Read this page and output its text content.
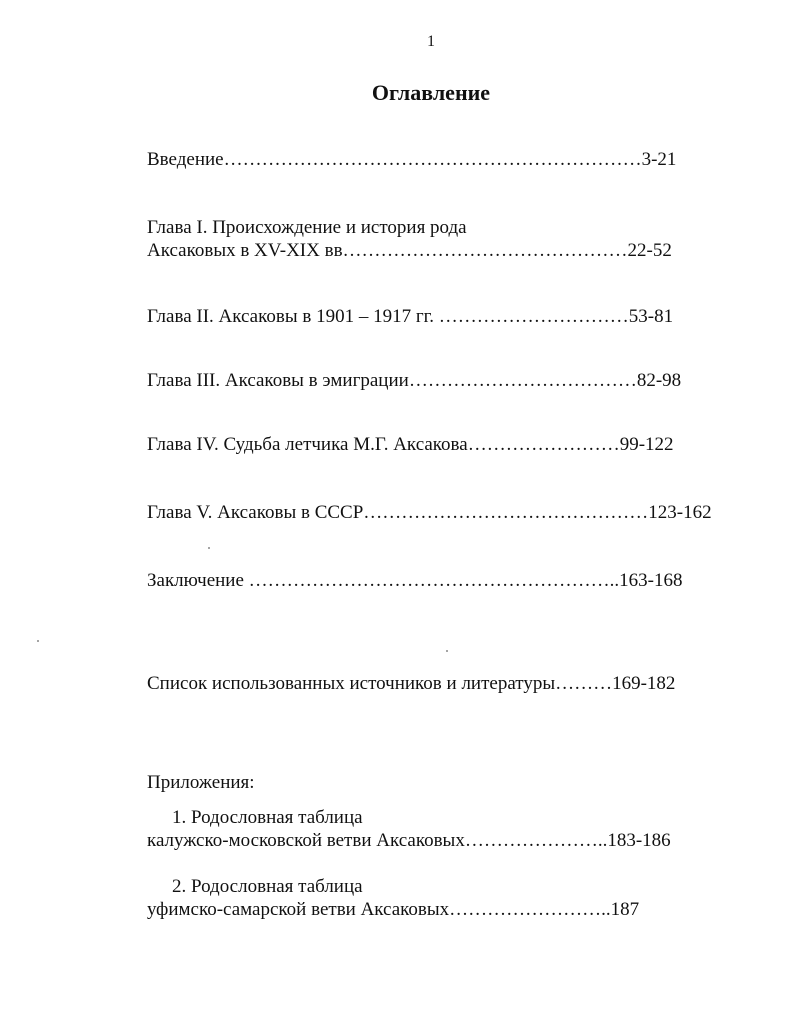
1
Оглавление
Введение…………………………………………………………3-21
Глава I. Происхождение и история рода
Аксаковых в XV-XIX вв………………………………………22-52
Глава II. Аксаковы в 1901 – 1917 гг. …………………………53-81
Глава III. Аксаковы в эмиграции………………………………82-98
Глава IV. Судьба летчика М.Г. Аксакова……………………99-122
Глава V. Аксаковы в СССР………………………………………123-162
Заключение …………………………………………………..163-168
Список использованных источников и литературы………169-182
Приложения:
1. Родословная таблица
калужско-московской ветви Аксаковых…………………..183-186
2. Родословная таблица
уфимско-самарской ветви Аксаковых……………………..187
